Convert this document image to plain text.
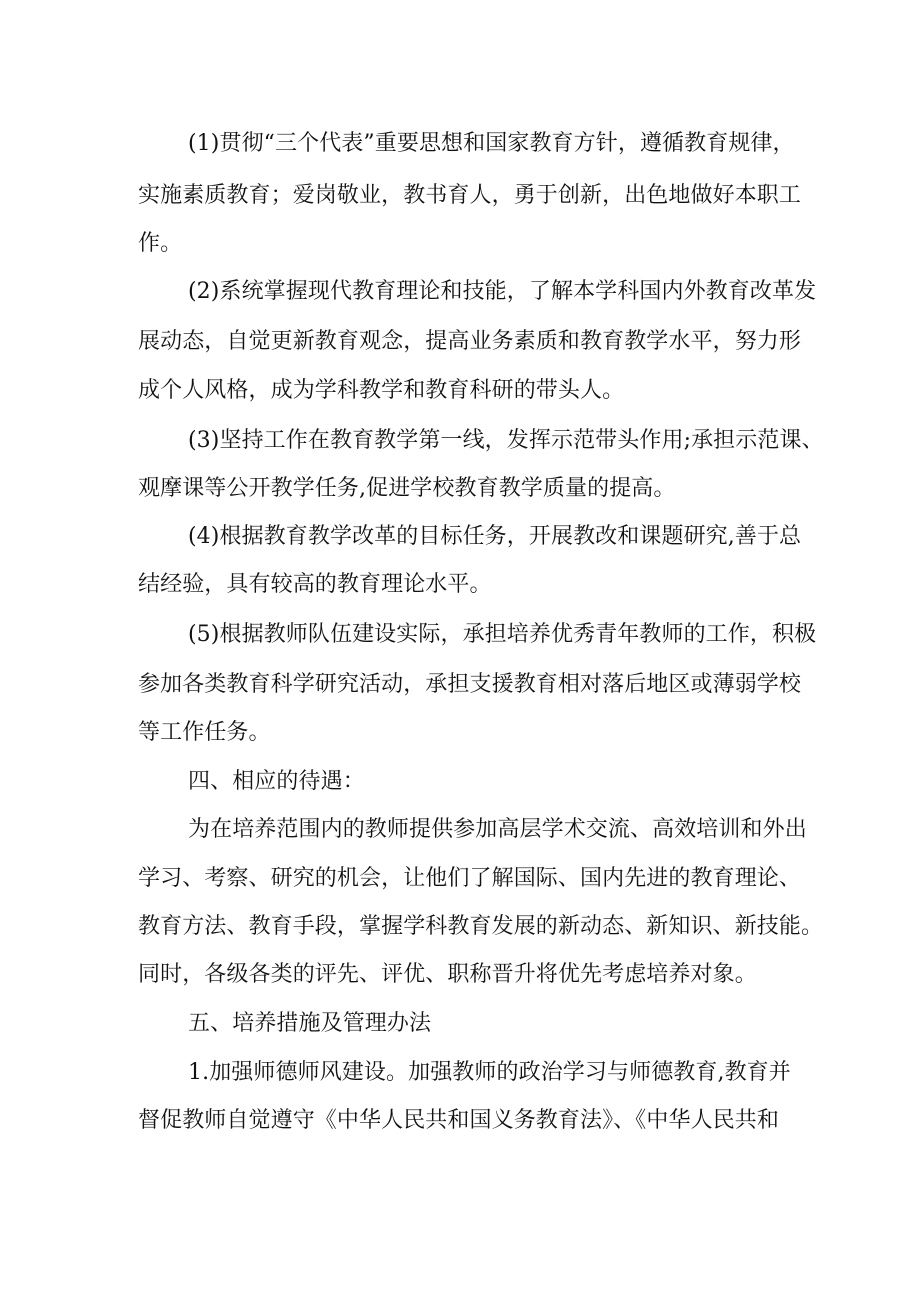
(1)贯彻“三个代表”重要思想和国家教育方针，遵循教育规律，
实施素质教育；爱岗敬业，教书育人，勇于创新，出色地做好本职工
作。
(2)系统掌握现代教育理论和技能，了解本学科国内外教育改革发
展动态，自觉更新教育观念，提高业务素质和教育教学水平，努力形
成个人风格，成为学科教学和教育科研的带头人。
(3)坚持工作在教育教学第一线，发挥示范带头作用;承担示范课、
观摩课等公开教学任务,促进学校教育教学质量的提高。
(4)根据教育教学改革的目标任务，开展教改和课题研究,善于总
结经验，具有较高的教育理论水平。
(5)根据教师队伍建设实际，承担培养优秀青年教师的工作，积极
参加各类教育科学研究活动，承担支援教育相对落后地区或薄弱学校
等工作任务。
四、相应的待遇：
为在培养范围内的教师提供参加高层学术交流、高效培训和外出
学习、考察、研究的机会，让他们了解国际、国内先进的教育理论、
教育方法、教育手段，掌握学科教育发展的新动态、新知识、新技能。
同时，各级各类的评先、评优、职称晋升将优先考虑培养对象。
五、培养措施及管理办法
1.加强师德师风建设。加强教师的政治学习与师德教育,教育并
督促教师自觉遵守《中华人民共和国义务教育法》、《中华人民共和
